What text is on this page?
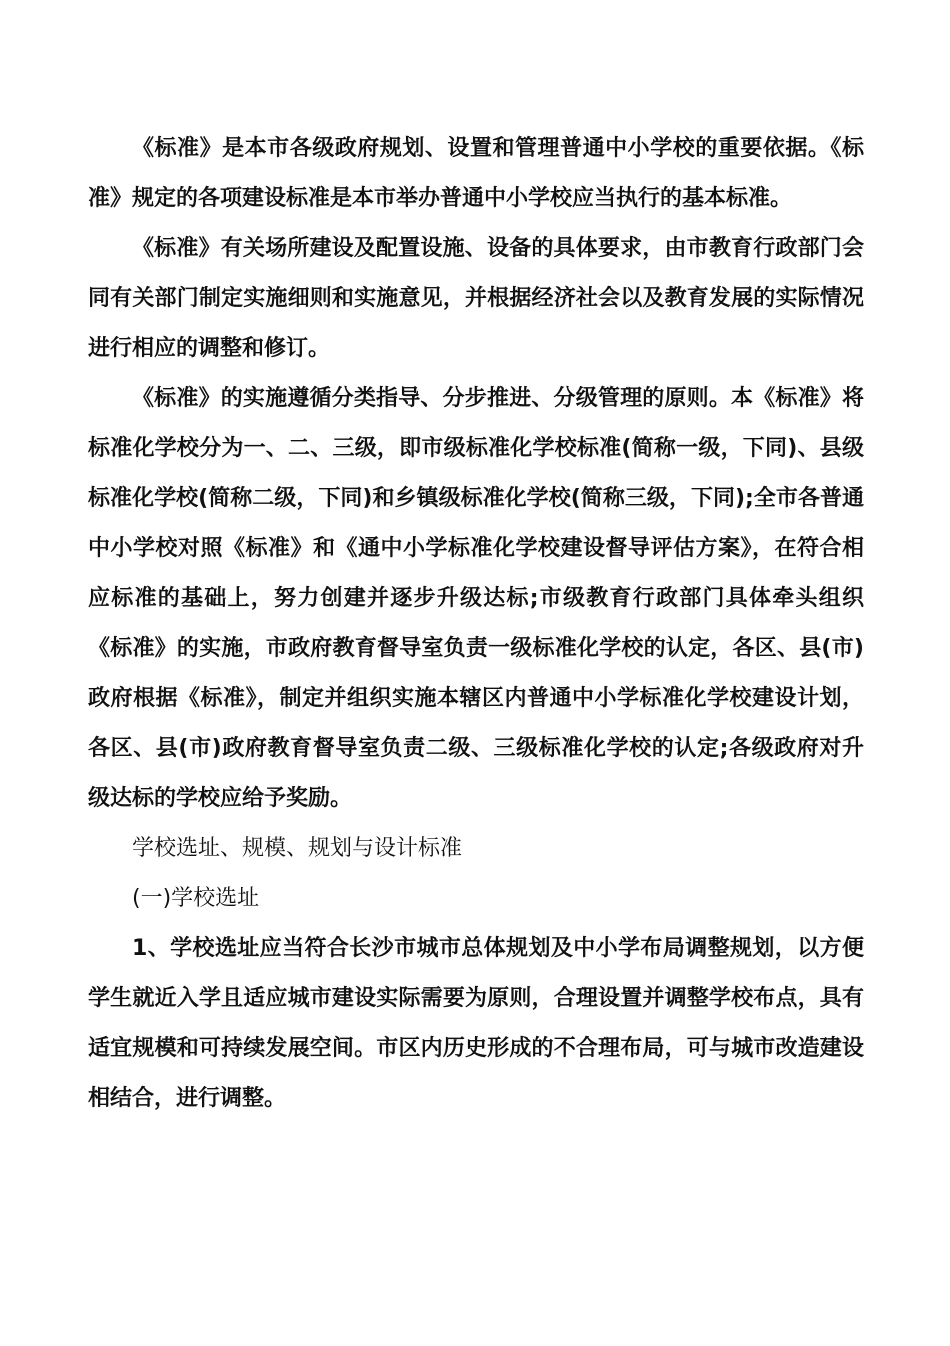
《标准》是本市各级政府规划、设置和管理普通中小学校的重要依据。《标准》规定的各项建设标准是本市举办普通中小学校应当执行的基本标准。

《标准》有关场所建设及配置设施、设备的具体要求，由市教育行政部门会同有关部门制定实施细则和实施意见，并根据经济社会以及教育发展的实际情况进行相应的调整和修订。

《标准》的实施遵循分类指导、分步推进、分级管理的原则。本《标准》将标准化学校分为一、二、三级，即市级标准化学校标准(简称一级，下同)、县级标准化学校(简称二级，下同)和乡镇级标准化学校(简称三级，下同);全市各普通中小学校对照《标准》和《通中小学标准化学校建设督导评估方案》，在符合相应标准的基础上，努力创建并逐步升级达标;市级教育行政部门具体牵头组织《标准》的实施，市政府教育督导室负责一级标准化学校的认定，各区、县(市)政府根据《标准》，制定并组织实施本辖区内普通中小学标准化学校建设计划，各区、县(市)政府教育督导室负责二级、三级标准化学校的认定;各级政府对升级达标的学校应给予奖励。

学校选址、规模、规划与设计标准

(一)学校选址

1、学校选址应当符合长沙市城市总体规划及中小学布局调整规划，以方便学生就近入学且适应城市建设实际需要为原则，合理设置并调整学校布点，具有适宜规模和可持续发展空间。市区内历史形成的不合理布局，可与城市改造建设相结合，进行调整。
